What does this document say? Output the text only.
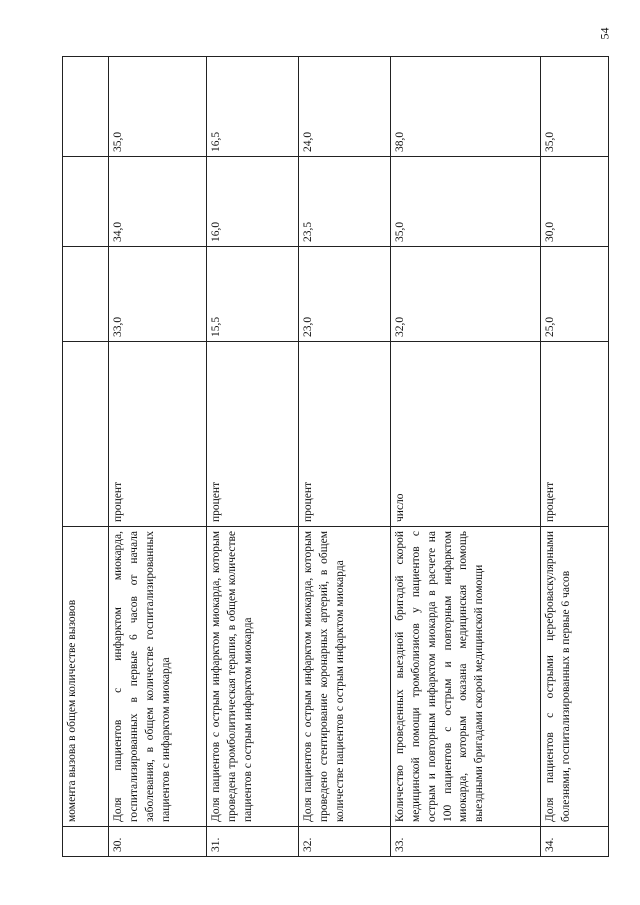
54
	момента вызова в общем количестве вызовов				
30.	Доля пациентов с инфарктом миокарда, госпитализированных в первые 6 часов от начала заболевания, в общем количестве госпитализированных пациентов с инфарктом миокарда	процент	33,0	34,0	35,0
31.	Доля пациентов с острым инфарктом миокарда, которым проведена тромболитическая терапия, в общем количестве пациентов с острым инфарктом миокарда	процент	15,5	16,0	16,5
32.	Доля пациентов с острым инфарктом миокарда, которым проведено стентирование коронарных артерий, в общем количестве пациентов с острым инфарктом миокарда	процент	23,0	23,5	24,0
33.	Количество проведенных выездной бригадой скорой медицинской помощи тромболизисов у пациентов с острым и повторным инфарктом миокарда в расчете на 100 пациентов с острым и повторным инфарктом миокарда, которым оказана медицинская помощь выездными бригадами скорой медицинской помощи	число	32,0	35,0	38,0
34.	Доля пациентов с острыми цереброваскулярными болезнями, госпитализированных в первые 6 часов	процент	25,0	30,0	35,0
